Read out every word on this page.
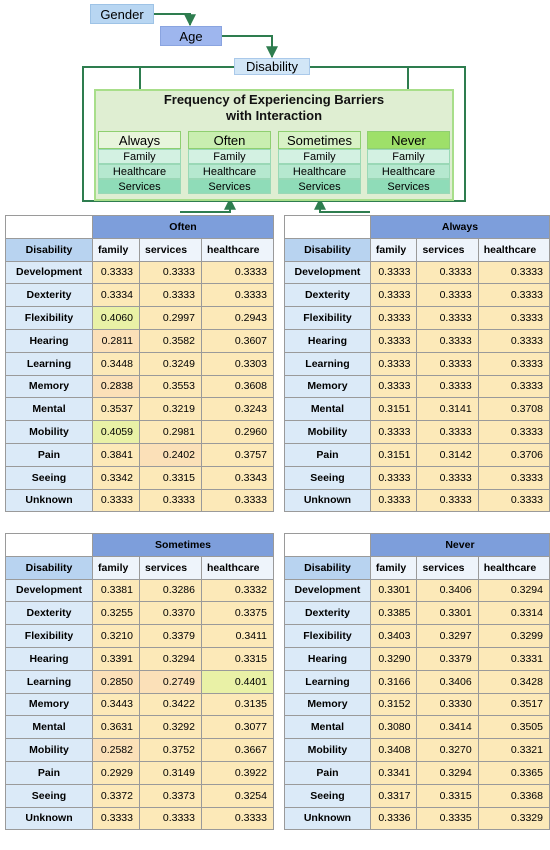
Gender
Age
Disability
Frequency of Experiencing Barriers
with Interaction
Always
Family
Healthcare
Services
Often
Family
Healthcare
Services
Sometimes
Family
Healthcare
Services
Never
Family
Healthcare
Services
	Often		
Disability	family	services	healthcare
Development	0.3333	0.3333	0.3333
Dexterity	0.3334	0.3333	0.3333
Flexibility	0.4060	0.2997	0.2943
Hearing	0.2811	0.3582	0.3607
Learning	0.3448	0.3249	0.3303
Memory	0.2838	0.3553	0.3608
Mental	0.3537	0.3219	0.3243
Mobility	0.4059	0.2981	0.2960
Pain	0.3841	0.2402	0.3757
Seeing	0.3342	0.3315	0.3343
Unknown	0.3333	0.3333	0.3333
	Always		
Disability	family	services	healthcare
Development	0.3333	0.3333	0.3333
Dexterity	0.3333	0.3333	0.3333
Flexibility	0.3333	0.3333	0.3333
Hearing	0.3333	0.3333	0.3333
Learning	0.3333	0.3333	0.3333
Memory	0.3333	0.3333	0.3333
Mental	0.3151	0.3141	0.3708
Mobility	0.3333	0.3333	0.3333
Pain	0.3151	0.3142	0.3706
Seeing	0.3333	0.3333	0.3333
Unknown	0.3333	0.3333	0.3333
	Sometimes		
Disability	family	services	healthcare
Development	0.3381	0.3286	0.3332
Dexterity	0.3255	0.3370	0.3375
Flexibility	0.3210	0.3379	0.3411
Hearing	0.3391	0.3294	0.3315
Learning	0.2850	0.2749	0.4401
Memory	0.3443	0.3422	0.3135
Mental	0.3631	0.3292	0.3077
Mobility	0.2582	0.3752	0.3667
Pain	0.2929	0.3149	0.3922
Seeing	0.3372	0.3373	0.3254
Unknown	0.3333	0.3333	0.3333
	Never		
Disability	family	services	healthcare
Development	0.3301	0.3406	0.3294
Dexterity	0.3385	0.3301	0.3314
Flexibility	0.3403	0.3297	0.3299
Hearing	0.3290	0.3379	0.3331
Learning	0.3166	0.3406	0.3428
Memory	0.3152	0.3330	0.3517
Mental	0.3080	0.3414	0.3505
Mobility	0.3408	0.3270	0.3321
Pain	0.3341	0.3294	0.3365
Seeing	0.3317	0.3315	0.3368
Unknown	0.3336	0.3335	0.3329
